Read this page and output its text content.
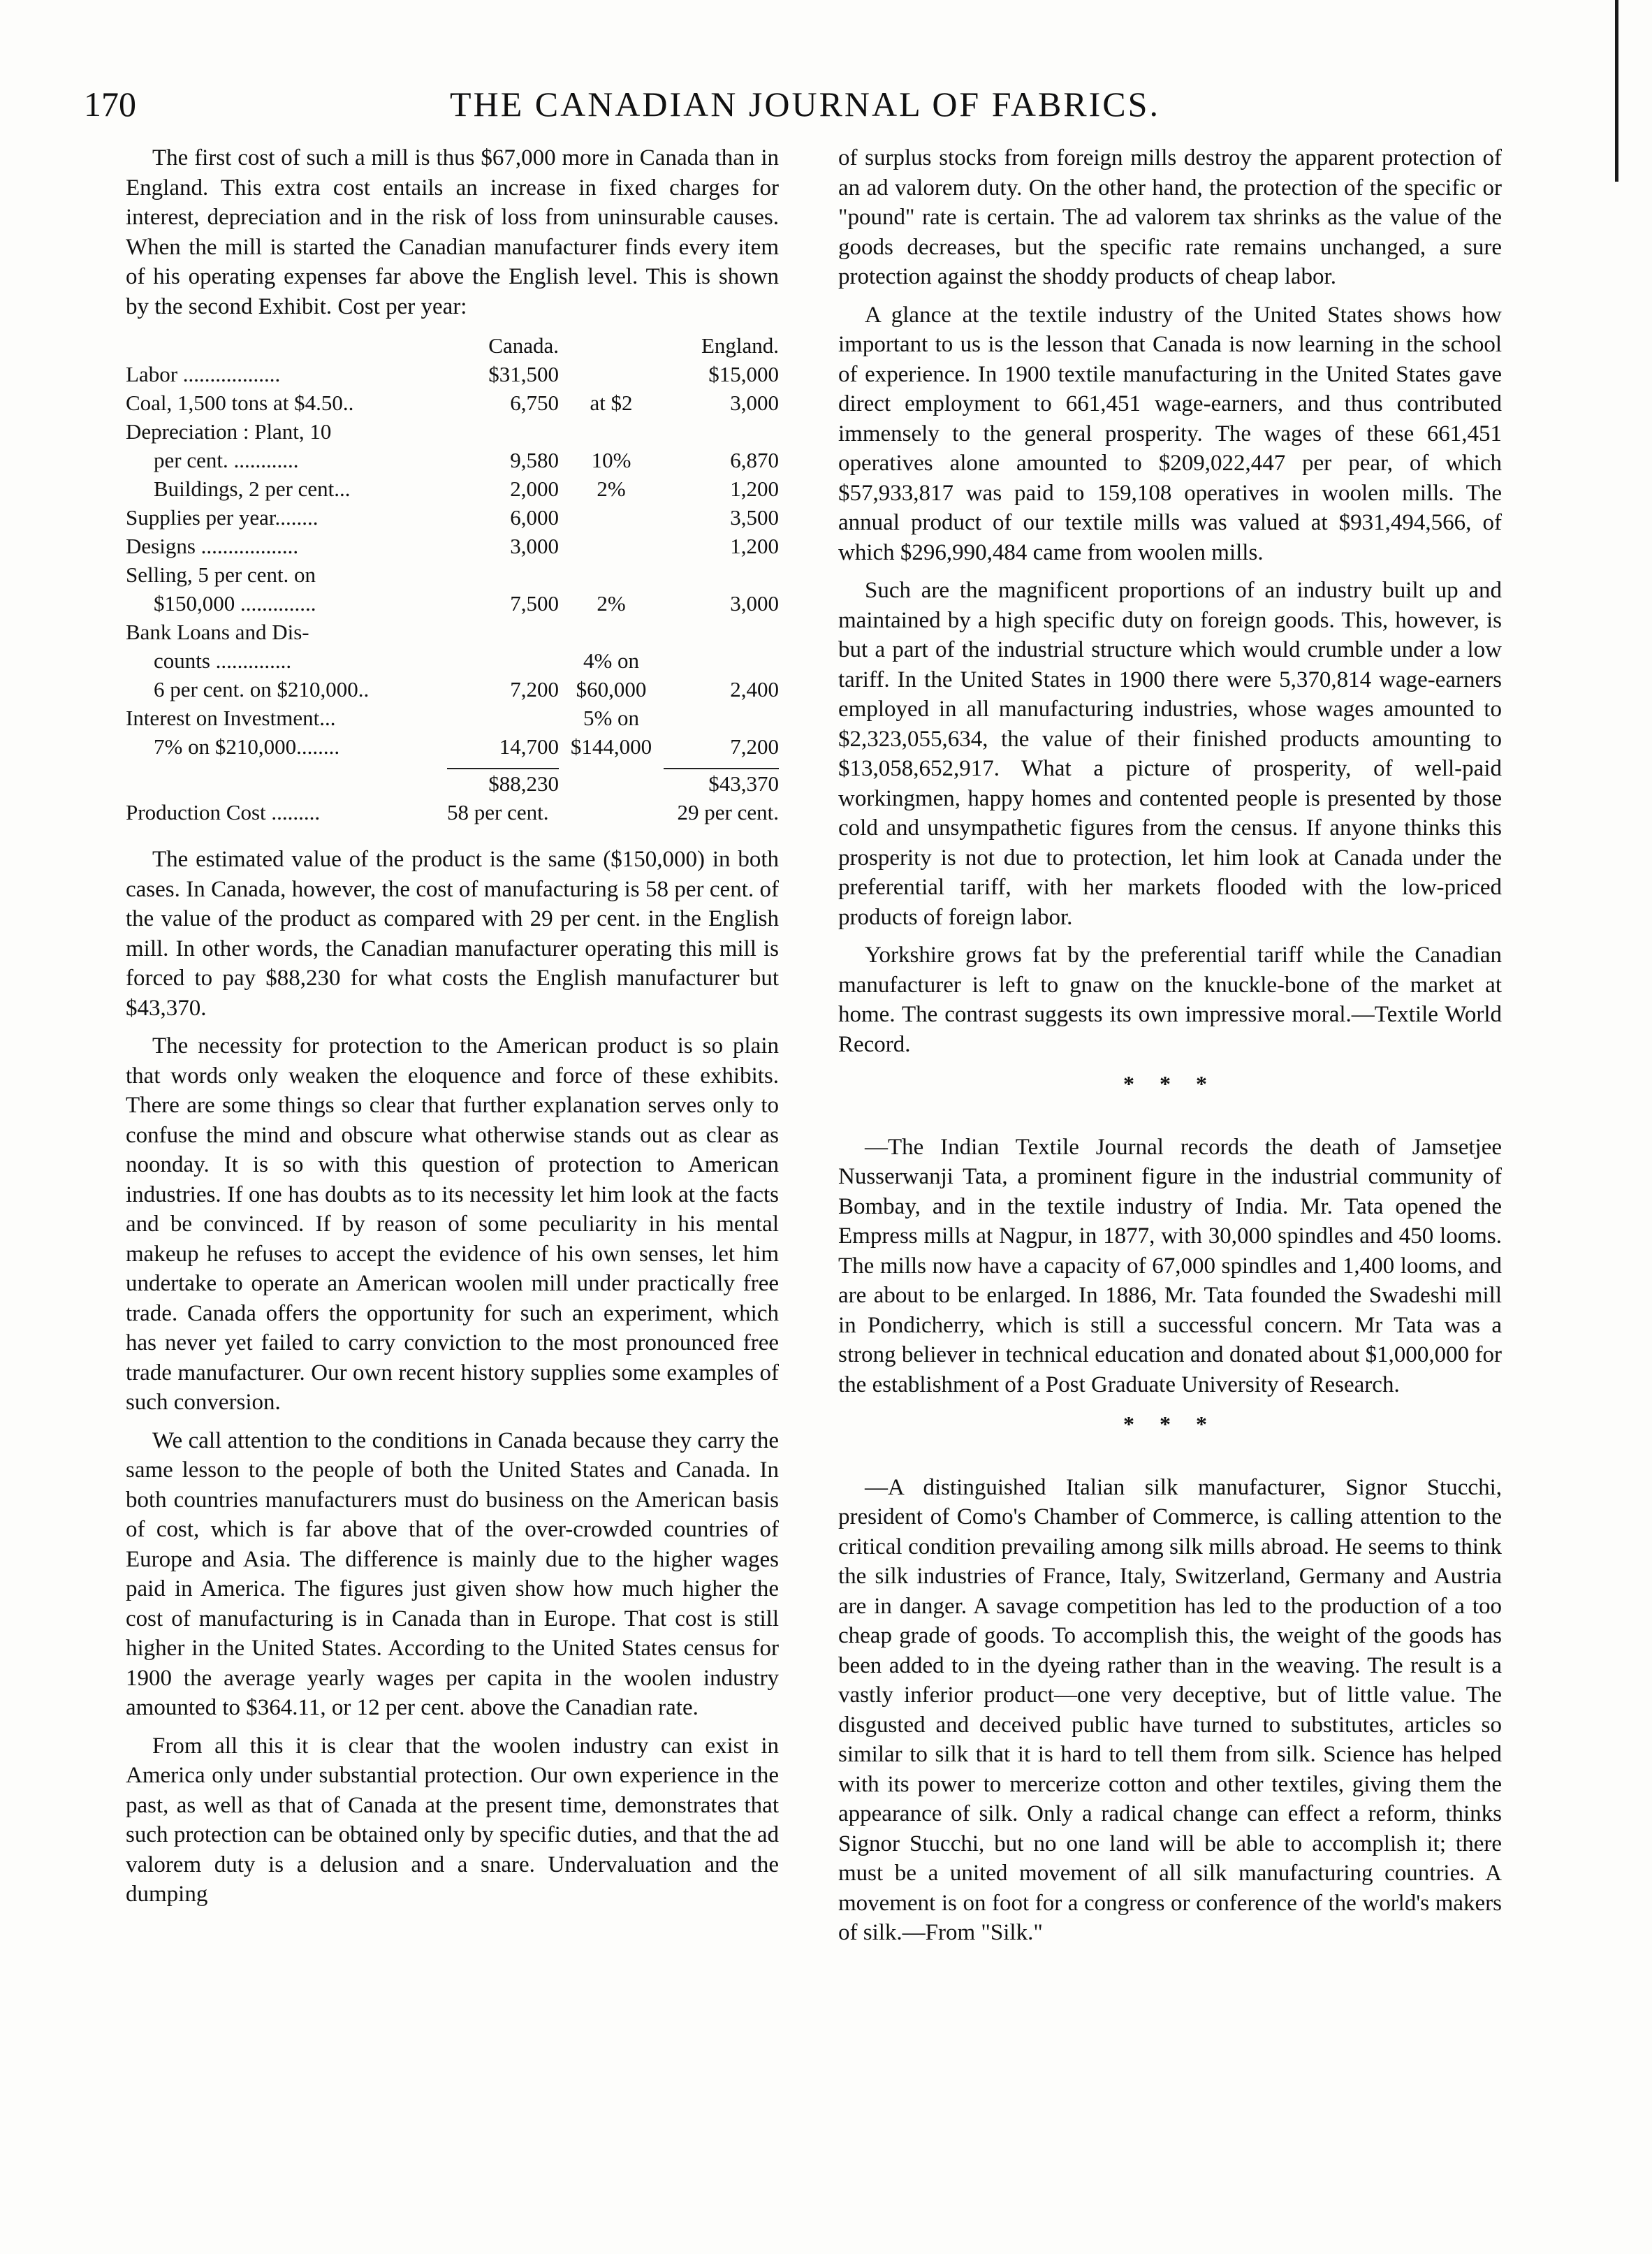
170	THE CANADIAN JOURNAL OF FABRICS.

The first cost of such a mill is thus $67,000 more in Canada than in England. This extra cost entails an increase in fixed charges for interest, depreciation and in the risk of loss from uninsurable causes. When the mill is started the Canadian manufacturer finds every item of his operating expenses far above the English level. This is shown by the second Exhibit. Cost per year:

Canada.	England.
Labor ..................	$31,500	$15,000
Coal, 1,500 tons at $4.50..	6,750	at $2	3,000
Depreciation : Plant, 10
per cent. ............	9,580	10%	6,870
Buildings, 2 per cent...	2,000	2%	1,200
Supplies per year........	6,000	3,500
Designs ..................	3,000	1,200
Selling, 5 per cent. on
$150,000 ..............	7,500	2%	3,000
Bank Loans and Dis-
counts ..............	4% on
6 per cent. on $210,000..	7,200 $60,000	2,400
Interest on Investment...	5% on
7% on $210,000........	14,700 $144,000	7,200
$88,230	$43,370
Production Cost .........	58 per cent.	29 per cent.

The estimated value of the product is the same ($150,000) in both cases. In Canada, however, the cost of manufacturing is 58 per cent. of the value of the product as compared with 29 per cent. in the English mill. In other words, the Canadian manufacturer operating this mill is forced to pay $88,230 for what costs the English manufacturer but $43,370.

The necessity for protection to the American product is so plain that words only weaken the eloquence and force of these exhibits. There are some things so clear that further explanation serves only to confuse the mind and obscure what otherwise stands out as clear as noonday. It is so with this question of protection to American industries. If one has doubts as to its necessity let him look at the facts and be convinced. If by reason of some peculiarity in his mental makeup he refuses to accept the evidence of his own senses, let him undertake to operate an American woolen mill under practically free trade. Canada offers the opportunity for such an experiment, which has never yet failed to carry conviction to the most pronounced free trade manufacturer. Our own recent history supplies some examples of such conversion.

We call attention to the conditions in Canada because they carry the same lesson to the people of both the United States and Canada. In both countries manufacturers must do business on the American basis of cost, which is far above that of the over-crowded countries of Europe and Asia. The difference is mainly due to the higher wages paid in America. The figures just given show how much higher the cost of manufacturing is in Canada than in Europe. That cost is still higher in the United States. According to the United States census for 1900 the average yearly wages per capita in the woolen industry amounted to $364.11, or 12 per cent. above the Canadian rate.

From all this it is clear that the woolen industry can exist in America only under substantial protection. Our own experience in the past, as well as that of Canada at the present time, demonstrates that such protection can be obtained only by specific duties, and that the ad valorem duty is a delusion and a snare. Undervaluation and the dumping

of surplus stocks from foreign mills destroy the apparent protection of an ad valorem duty. On the other hand, the protection of the specific or "pound" rate is certain. The ad valorem tax shrinks as the value of the goods decreases, but the specific rate remains unchanged, a sure protection against the shoddy products of cheap labor.

A glance at the textile industry of the United States shows how important to us is the lesson that Canada is now learning in the school of experience. In 1900 textile manufacturing in the United States gave direct employment to 661,451 wage-earners, and thus contributed immensely to the general prosperity. The wages of these 661,451 operatives alone amounted to $209,022,447 per pear, of which $57,933,817 was paid to 159,108 operatives in woolen mills. The annual product of our textile mills was valued at $931,494,566, of which $296,990,484 came from woolen mills.

Such are the magnificent proportions of an industry built up and maintained by a high specific duty on foreign goods. This, however, is but a part of the industrial structure which would crumble under a low tariff. In the United States in 1900 there were 5,370,814 wage-earners employed in all manufacturing industries, whose wages amounted to $2,323,055,634, the value of their finished products amounting to $13,058,652,917. What a picture of prosperity, of well-paid workingmen, happy homes and contented people is presented by those cold and unsympathetic figures from the census. If anyone thinks this prosperity is not due to protection, let him look at Canada under the preferential tariff, with her markets flooded with the low-priced products of foreign labor.

Yorkshire grows fat by the preferential tariff while the Canadian manufacturer is left to gnaw on the knuckle-bone of the market at home. The contrast suggests its own impressive moral.—Textile World Record.

* * *

—The Indian Textile Journal records the death of Jamsetjee Nusserwanji Tata, a prominent figure in the industrial community of Bombay, and in the textile industry of India. Mr. Tata opened the Empress mills at Nagpur, in 1877, with 30,000 spindles and 450 looms. The mills now have a capacity of 67,000 spindles and 1,400 looms, and are about to be enlarged. In 1886, Mr. Tata founded the Swadeshi mill in Pondicherry, which is still a successful concern. Mr Tata was a strong believer in technical education and donated about $1,000,000 for the establishment of a Post Graduate University of Research.

* * *

—A distinguished Italian silk manufacturer, Signor Stucchi, president of Como's Chamber of Commerce, is calling attention to the critical condition prevailing among silk mills abroad. He seems to think the silk industries of France, Italy, Switzerland, Germany and Austria are in danger. A savage competition has led to the production of a too cheap grade of goods. To accomplish this, the weight of the goods has been added to in the dyeing rather than in the weaving. The result is a vastly inferior product—one very deceptive, but of little value. The disgusted and deceived public have turned to substitutes, articles so similar to silk that it is hard to tell them from silk. Science has helped with its power to mercerize cotton and other textiles, giving them the appearance of silk. Only a radical change can effect a reform, thinks Signor Stucchi, but no one land will be able to accomplish it; there must be a united movement of all silk manufacturing countries. A movement is on foot for a congress or conference of the world's makers of silk.—From "Silk."
